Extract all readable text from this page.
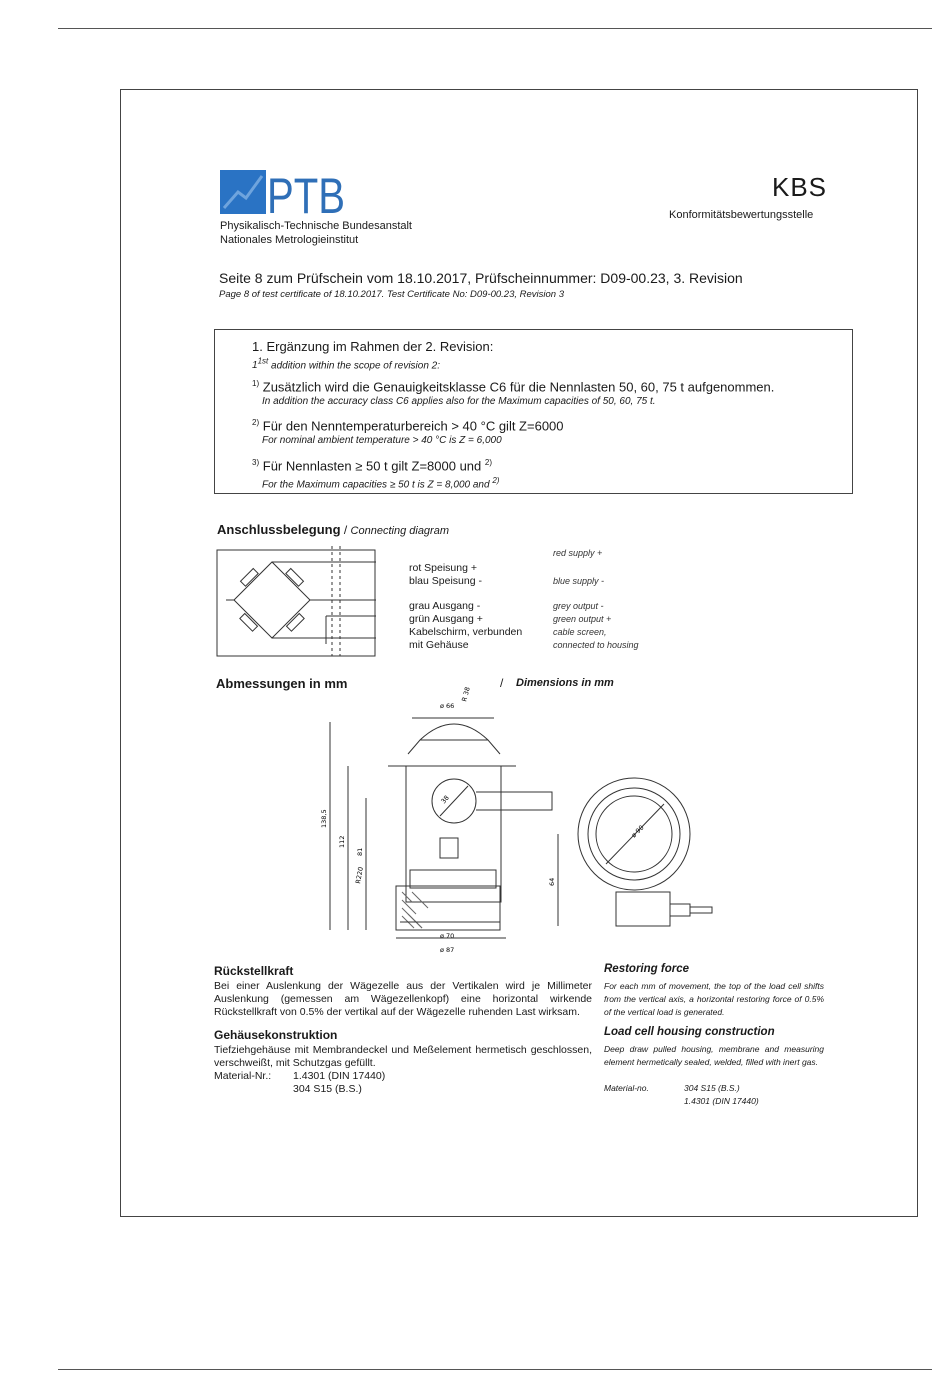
PTB
Physikalisch-Technische Bundesanstalt
Nationales Metrologieinstitut
KBS
Konformitätsbewertungsstelle
Seite 8 zum Prüfschein vom 18.10.2017, Prüfscheinnummer: D09-00.23, 3. Revision
Page 8 of test certificate of 18.10.2017. Test Certificate No: D09-00.23, Revision 3
1. Ergänzung im Rahmen der 2. Revision:
$1^{1st}$ addition within the scope of revision 2:
$^{1)}$ Zusätzlich wird die Genauigkeitsklasse C6 für die Nennlasten 50, 60, 75 t aufgenommen.
In addition the accuracy class C6 applies also for the Maximum capacities of 50, 60, 75 t.
$^{2)}$ Für den Nenntemperaturbereich > 40 °C gilt Z=6000
For nominal ambient temperature > 40 °C is Z = 6,000
$^{3)}$ Für Nennlasten ≥ 50 t gilt Z=8000 und $^{2)}$
For the Maximum capacities ≥ 50 t is Z = 8,000 and $^{2)}$
Anschlussbelegung / Connecting diagram
rot Speisung +
blau Speisung -
grau Ausgang -
grün Ausgang +
Kabelschirm, verbunden
mit Gehäuse
red supply +
blue supply -
grey output -
green output +
cable screen,
connected to housing
Abmessungen in mm	/ Dimensions in mm
ø 66
R 38
138,5
112
81
R220
38
ø 70
ø 87
ø 90
64
Rückstellkraft
Bei einer Auslenkung der Wägezelle aus der Vertikalen wird je Millimeter Auslenkung (gemessen am Wägezellenkopf) eine horizontal wirkende Rückstellkraft von 0.5% der vertikal auf der Wägezelle ruhenden Last wirksam.
Restoring force
For each mm of movement, the top of the load cell shifts from the vertical axis, a horizontal restoring force of 0.5% of the vertical load is generated.
Gehäusekonstruktion
Tiefziehgehäuse mit Membrandeckel und Meßelement hermetisch geschlossen, verschweißt, mit Schutzgas gefüllt.
Material-Nr.: 1.4301 (DIN 17440)
304 S15 (B.S.)
Load cell housing construction
Deep draw pulled housing, membrane and measuring element hermetically sealed, welded, filled with inert gas.
Material-no.	304 S15 (B.S.)
1.4301 (DIN 17440)
